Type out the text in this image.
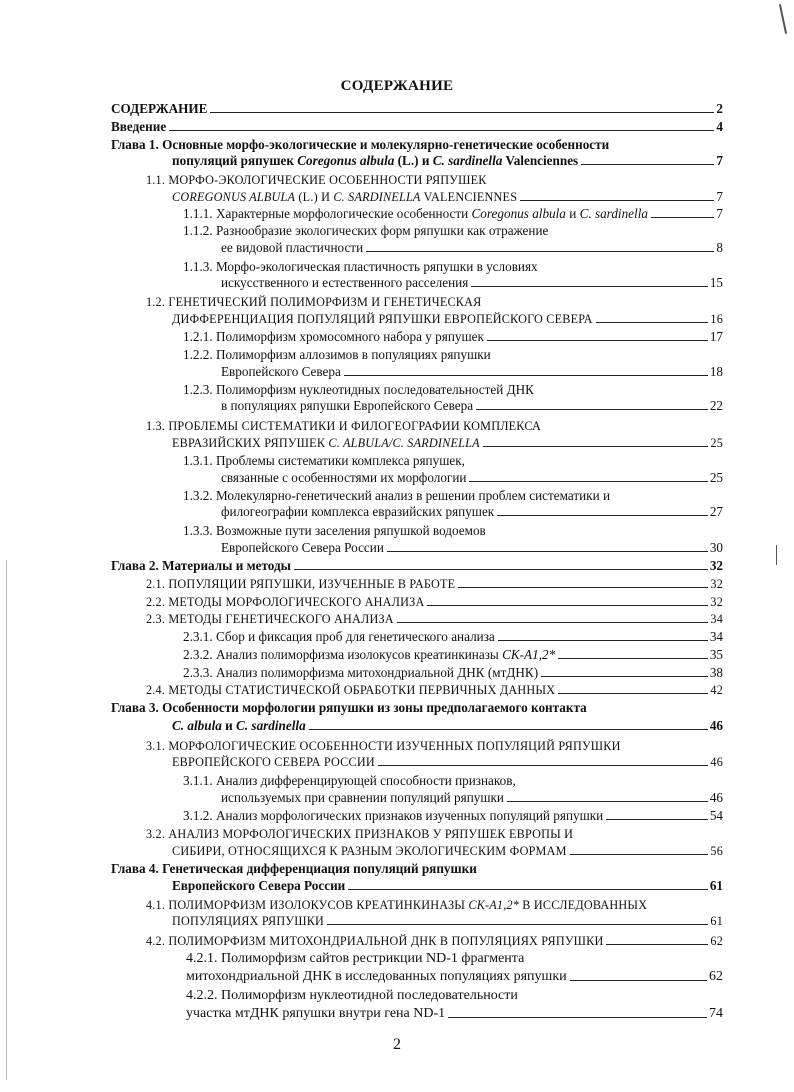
СОДЕРЖАНИЕ
СОДЕРЖАНИЕ	2
Введение	4
Глава 1. Основные морфо-экологические и молекулярно-генетические особенности
популяций ряпушек Coregonus albula (L.) и C. sardinella Valenciennes	7
1.1. МОРФО-ЭКОЛОГИЧЕСКИЕ ОСОБЕННОСТИ РЯПУШЕК
COREGONUS ALBULA (L.) И C. SARDINELLA VALENCIENNES	7
1.1.1. Характерные морфологические особенности Coregonus albula и C. sardinella	7
1.1.2. Разнообразие экологических форм ряпушки как отражение
ее видовой пластичности	8
1.1.3. Морфо-экологическая пластичность ряпушки в условиях
искусственного и естественного расселения	15
1.2. ГЕНЕТИЧЕСКИЙ ПОЛИМОРФИЗМ И ГЕНЕТИЧЕСКАЯ
ДИФФЕРЕНЦИАЦИЯ ПОПУЛЯЦИЙ РЯПУШКИ ЕВРОПЕЙСКОГО СЕВЕРА	16
1.2.1. Полиморфизм хромосомного набора у ряпушек	17
1.2.2. Полиморфизм аллозимов в популяциях ряпушки
Европейского Севера	18
1.2.3. Полиморфизм нуклеотидных последовательностей ДНК
в популяциях ряпушки Европейского Севера	22
1.3. ПРОБЛЕМЫ СИСТЕМАТИКИ И ФИЛОГЕОГРАФИИ КОМПЛЕКСА
ЕВРАЗИЙСКИХ РЯПУШЕК C. ALBULA/C. SARDINELLA	25
1.3.1. Проблемы систематики комплекса ряпушек,
связанные с особенностями их морфологии	25
1.3.2. Молекулярно-генетический анализ в решении проблем систематики и
филогеографии комплекса евразийских ряпушек	27
1.3.3. Возможные пути заселения ряпушкой водоемов
Европейского Севера России	30
Глава 2. Материалы и методы	32
2.1. ПОПУЛЯЦИИ РЯПУШКИ, ИЗУЧЕННЫЕ В РАБОТЕ	32
2.2. МЕТОДЫ МОРФОЛОГИЧЕСКОГО АНАЛИЗА	32
2.3. МЕТОДЫ ГЕНЕТИЧЕСКОГО АНАЛИЗА	34
2.3.1. Сбор и фиксация проб для генетического анализа	34
2.3.2. Анализ полиморфизма изолокусов креатинкиназы CK-A1,2*	35
2.3.3. Анализ полиморфизма митохондриальной ДНК (мтДНК)	38
2.4. МЕТОДЫ СТАТИСТИЧЕСКОЙ ОБРАБОТКИ ПЕРВИЧНЫХ ДАННЫХ	42
Глава 3. Особенности морфологии ряпушки из зоны предполагаемого контакта
C. albula и C. sardinella	46
3.1. МОРФОЛОГИЧЕСКИЕ ОСОБЕННОСТИ ИЗУЧЕННЫХ ПОПУЛЯЦИЙ РЯПУШКИ
ЕВРОПЕЙСКОГО СЕВЕРА РОССИИ	46
3.1.1. Анализ дифференцирующей способности признаков,
используемых при сравнении популяций ряпушки	46
3.1.2. Анализ морфологических признаков изученных популяций ряпушки	54
3.2. АНАЛИЗ МОРФОЛОГИЧЕСКИХ ПРИЗНАКОВ У РЯПУШЕК ЕВРОПЫ И
СИБИРИ, ОТНОСЯЩИХСЯ К РАЗНЫМ ЭКОЛОГИЧЕСКИМ ФОРМАМ	56
Глава 4. Генетическая дифференциация популяций ряпушки
Европейского Севера России	61
4.1. ПОЛИМОРФИЗМ ИЗОЛОКУСОВ КРЕАТИНКИНАЗЫ CK-A1,2* В ИССЛЕДОВАННЫХ
ПОПУЛЯЦИЯХ РЯПУШКИ	61
4.2. ПОЛИМОРФИЗМ МИТОХОНДРИАЛЬНОЙ ДНК В ПОПУЛЯЦИЯХ РЯПУШКИ	62
4.2.1. Полиморфизм сайтов рестрикции ND-1 фрагмента
митохондриальной ДНК в исследованных популяциях ряпушки	62
4.2.2. Полиморфизм нуклеотидной последовательности
участка мтДНК ряпушки внутри гена ND-1	74
2
